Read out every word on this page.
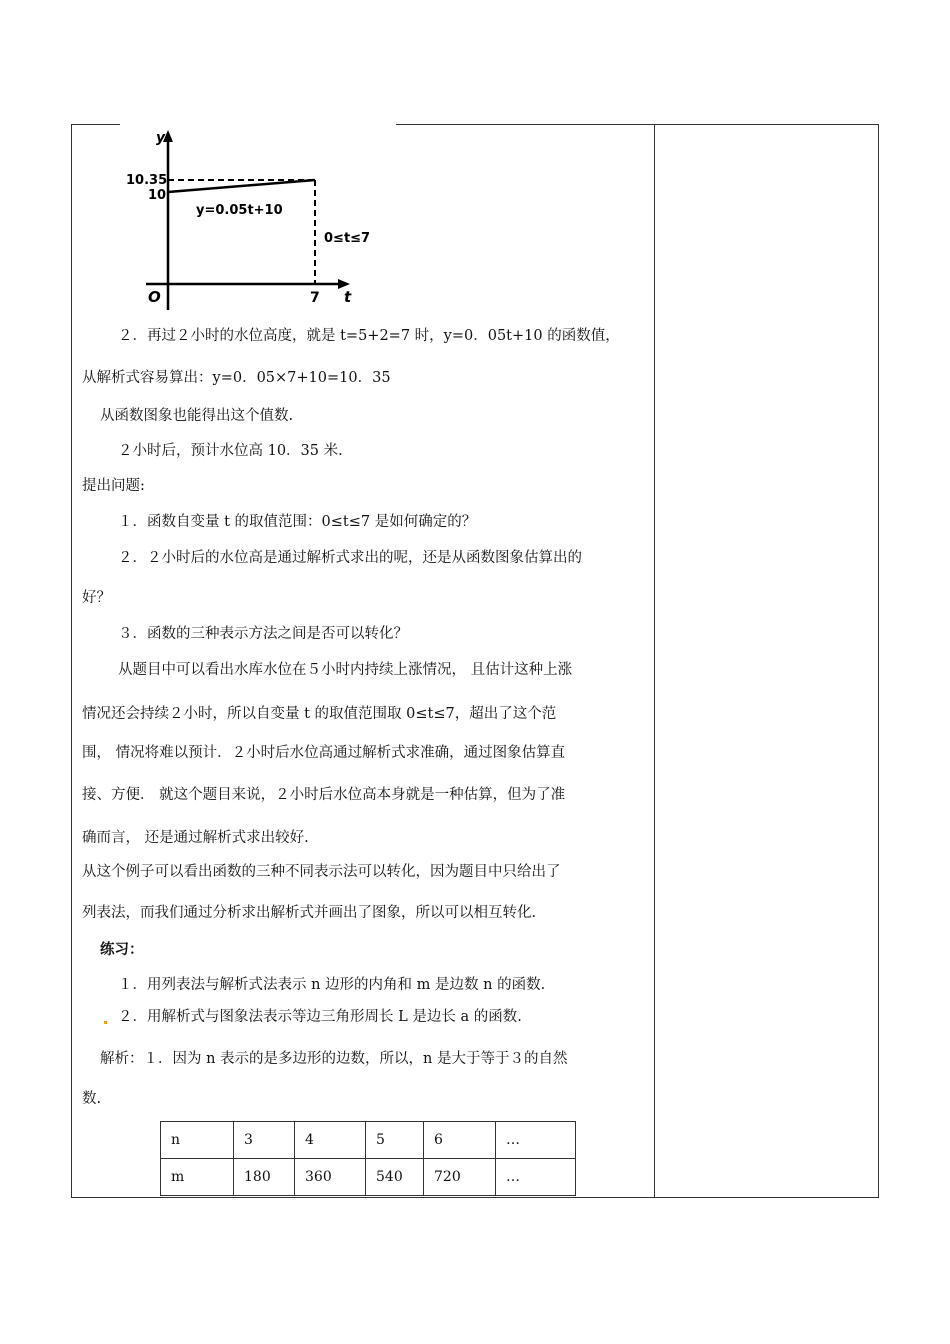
y
t
O
10.35
10
7
y=0.05t+10
0≤t≤7
２．再过２小时的水位高度，就是 t=5+2=7 时，y=0．05t+10 的函数值，
从解析式容易算出：y=0．05×7+10=10．35
从函数图象也能得出这个值数.
２小时后，预计水位高 10．35 米.
提出问题:
１．函数自变量 t 的取值范围：0≤t≤7 是如何确定的？
２．２小时后的水位高是通过解析式求出的呢，还是从函数图象估算出的
好？
３．函数的三种表示方法之间是否可以转化？
从题目中可以看出水库水位在５小时内持续上涨情况， 且估计这种上涨
情况还会持续２小时，所以自变量 t 的取值范围取 0≤t≤7，超出了这个范
围， 情况将难以预计．２小时后水位高通过解析式求准确，通过图象估算直
接、方便． 就这个题目来说，２小时后水位高本身就是一种估算，但为了准
确而言， 还是通过解析式求出较好.
从这个例子可以看出函数的三种不同表示法可以转化，因为题目中只给出了
列表法，而我们通过分析求出解析式并画出了图象，所以可以相互转化.
练习：
１．用列表法与解析式法表示 n 边形的内角和 m 是边数 n 的函数.
２．用解析式与图象法表示等边三角形周长 L 是边长 a 的函数.
解析：１．因为 n 表示的是多边形的边数，所以，n 是大于等于３的自然
数.
n	3	4	5	6	…
m	180	360	540	720	…
